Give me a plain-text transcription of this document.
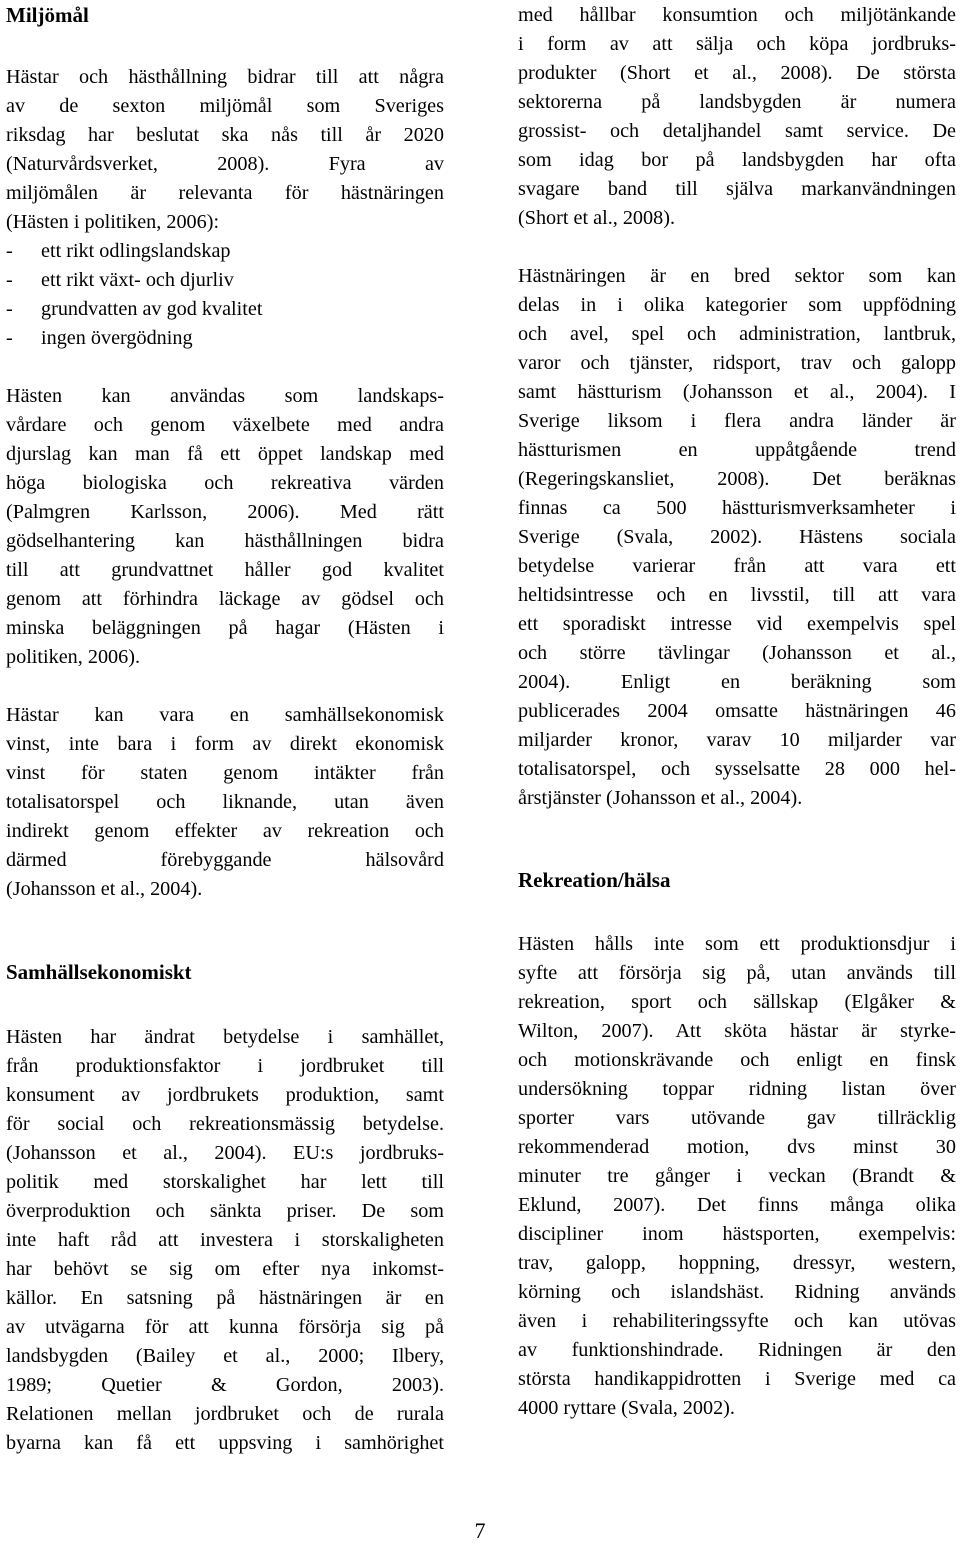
Miljömål
Hästar och hästhållning bidrar till att några
av de sexton miljömål som Sveriges
riksdag har beslutat ska nås till år 2020
(Naturvårdsverket, 2008). Fyra av
miljömålen är relevanta för hästnäringen
(Hästen i politiken, 2006):
- ett rikt odlingslandskap
- ett rikt växt- och djurliv
- grundvatten av god kvalitet
- ingen övergödning
Hästen kan användas som landskaps-
vårdare och genom växelbete med andra
djurslag kan man få ett öppet landskap med
höga biologiska och rekreativa värden
(Palmgren Karlsson, 2006). Med rätt
gödselhantering kan hästhållningen bidra
till att grundvattnet håller god kvalitet
genom att förhindra läckage av gödsel och
minska beläggningen på hagar (Hästen i
politiken, 2006).
Hästar kan vara en samhällsekonomisk
vinst, inte bara i form av direkt ekonomisk
vinst för staten genom intäkter från
totalisatorspel och liknande, utan även
indirekt genom effekter av rekreation och
därmed förebyggande hälsovård
(Johansson et al., 2004).
Samhällsekonomiskt
Hästen har ändrat betydelse i samhället,
från produktionsfaktor i jordbruket till
konsument av jordbrukets produktion, samt
för social och rekreationsmässig betydelse.
(Johansson et al., 2004). EU:s jordbruks-
politik med storskalighet har lett till
överproduktion och sänkta priser. De som
inte haft råd att investera i storskaligheten
har behövt se sig om efter nya inkomst-
källor. En satsning på hästnäringen är en
av utvägarna för att kunna försörja sig på
landsbygden (Bailey et al., 2000; Ilbery,
1989; Quetier & Gordon, 2003).
Relationen mellan jordbruket och de rurala
byarna kan få ett uppsving i samhörighet
med hållbar konsumtion och miljötänkande
i form av att sälja och köpa jordbruks-
produkter (Short et al., 2008). De största
sektorerna på landsbygden är numera
grossist- och detaljhandel samt service. De
som idag bor på landsbygden har ofta
svagare band till själva markanvändningen
(Short et al., 2008).
Hästnäringen är en bred sektor som kan
delas in i olika kategorier som uppfödning
och avel, spel och administration, lantbruk,
varor och tjänster, ridsport, trav och galopp
samt hästturism (Johansson et al., 2004). I
Sverige liksom i flera andra länder är
hästturismen en uppåtgående trend
(Regeringskansliet, 2008). Det beräknas
finnas ca 500 hästturismverksamheter i
Sverige (Svala, 2002). Hästens sociala
betydelse varierar från att vara ett
heltidsintresse och en livsstil, till att vara
ett sporadiskt intresse vid exempelvis spel
och större tävlingar (Johansson et al.,
2004). Enligt en beräkning som
publicerades 2004 omsatte hästnäringen 46
miljarder kronor, varav 10 miljarder var
totalisatorspel, och sysselsatte 28 000 hel-
årstjänster (Johansson et al., 2004).
Rekreation/hälsa
Hästen hålls inte som ett produktionsdjur i
syfte att försörja sig på, utan används till
rekreation, sport och sällskap (Elgåker &
Wilton, 2007). Att sköta hästar är styrke-
och motionskrävande och enligt en finsk
undersökning toppar ridning listan över
sporter vars utövande gav tillräcklig
rekommenderad motion, dvs minst 30
minuter tre gånger i veckan (Brandt &
Eklund, 2007). Det finns många olika
discipliner inom hästsporten, exempelvis:
trav, galopp, hoppning, dressyr, western,
körning och islandshäst. Ridning används
även i rehabiliteringssyfte och kan utövas
av funktionshindrade. Ridningen är den
största handikappidrotten i Sverige med ca
4000 ryttare (Svala, 2002).
7
